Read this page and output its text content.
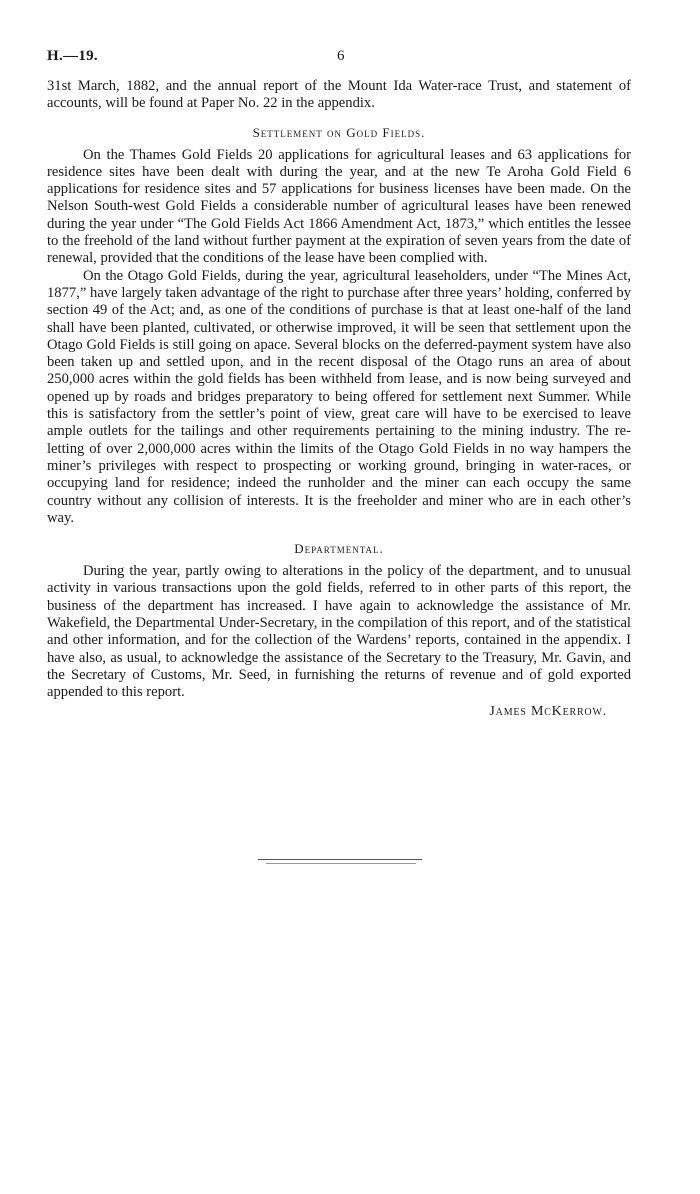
H.—19.	6

31st March, 1882, and the annual report of the Mount Ida Water-race Trust, and statement of accounts, will be found at Paper No. 22 in the appendix.

Settlement on Gold Fields.

On the Thames Gold Fields 20 applications for agricultural leases and 63 applications for residence sites have been dealt with during the year, and at the new Te Aroha Gold Field 6 applications for residence sites and 57 applications for business licenses have been made. On the Nelson South-west Gold Fields a considerable number of agricultural leases have been renewed during the year under “The Gold Fields Act 1866 Amendment Act, 1873,” which entitles the lessee to the freehold of the land without further payment at the expiration of seven years from the date of renewal, provided that the conditions of the lease have been complied with.

On the Otago Gold Fields, during the year, agricultural leaseholders, under “The Mines Act, 1877,” have largely taken advantage of the right to purchase after three years’ holding, conferred by section 49 of the Act; and, as one of the conditions of purchase is that at least one-half of the land shall have been planted, cultivated, or otherwise improved, it will be seen that settlement upon the Otago Gold Fields is still going on apace. Several blocks on the deferred-payment system have also been taken up and settled upon, and in the recent disposal of the Otago runs an area of about 250,000 acres within the gold fields has been withheld from lease, and is now being surveyed and opened up by roads and bridges preparatory to being offered for settlement next Summer. While this is satisfactory from the settler’s point of view, great care will have to be exercised to leave ample outlets for the tailings and other requirements pertaining to the mining industry. The re-letting of over 2,000,000 acres within the limits of the Otago Gold Fields in no way hampers the miner’s privileges with respect to prospecting or working ground, bringing in water-races, or occupying land for residence; indeed the runholder and the miner can each occupy the same country without any collision of interests. It is the freeholder and miner who are in each other’s way.

Departmental.

During the year, partly owing to alterations in the policy of the department, and to unusual activity in various transactions upon the gold fields, referred to in other parts of this report, the business of the department has increased. I have again to acknowledge the assistance of Mr. Wakefield, the Departmental Under-Secretary, in the compilation of this report, and of the statistical and other information, and for the collection of the Wardens’ reports, contained in the appendix. I have also, as usual, to acknowledge the assistance of the Secretary to the Treasury, Mr. Gavin, and the Secretary of Customs, Mr. Seed, in furnishing the returns of revenue and of gold exported appended to this report.

James McKerrow.
